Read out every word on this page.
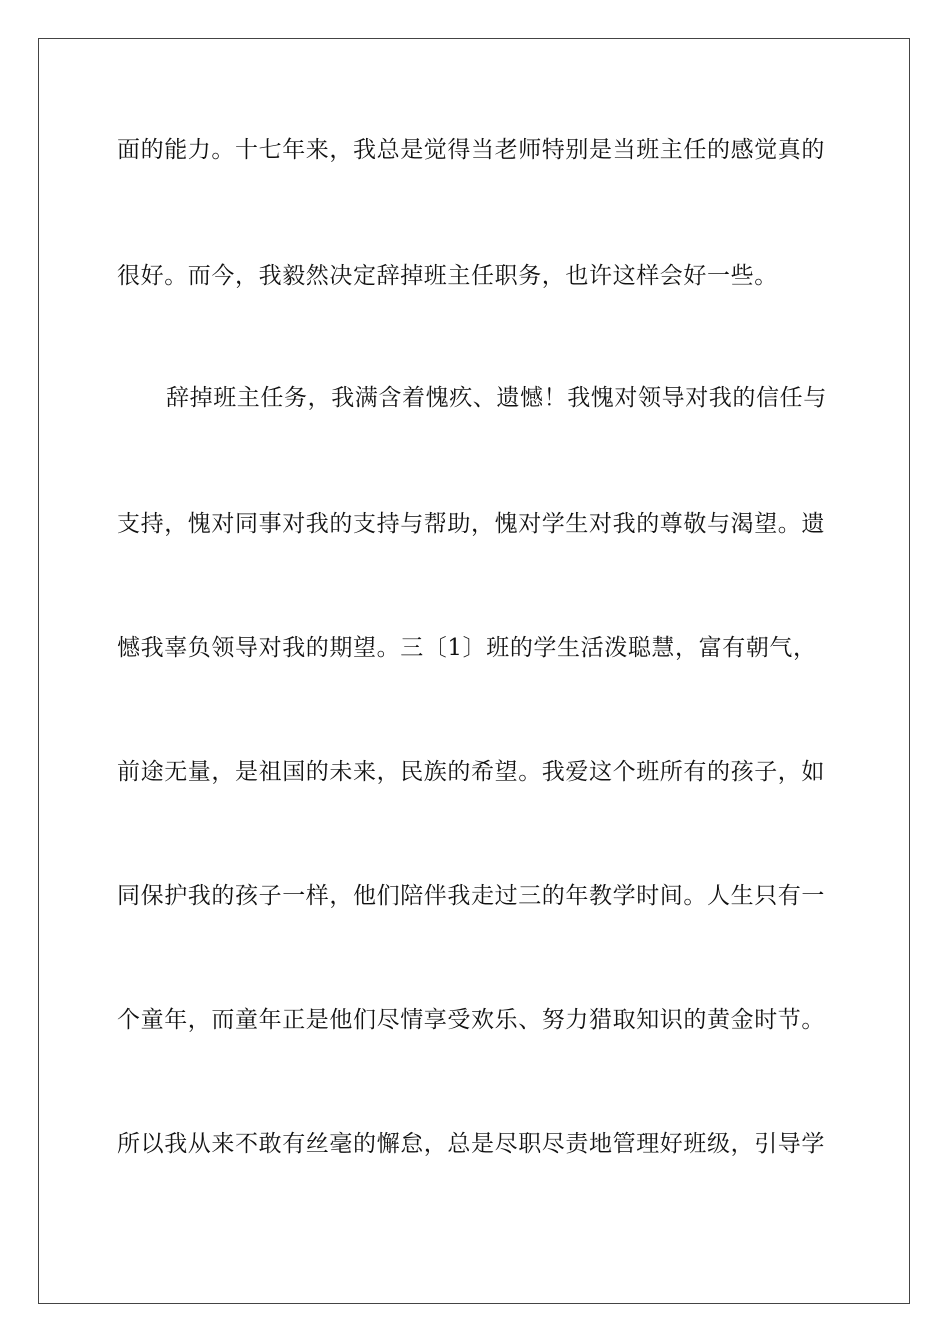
面的能力。十七年来，我总是觉得当老师特别是当班主任的感觉真的
很好。而今，我毅然决定辞掉班主任职务，也许这样会好一些。
辞掉班主任务，我满含着愧疚、遗憾！我愧对领导对我的信任与
支持，愧对同事对我的支持与帮助，愧对学生对我的尊敬与渴望。遗
憾我辜负领导对我的期望。三〔1〕班的学生活泼聪慧，富有朝气，
前途无量，是祖国的未来，民族的希望。我爱这个班所有的孩子，如
同保护我的孩子一样，他们陪伴我走过三的年教学时间。人生只有一
个童年，而童年正是他们尽情享受欢乐、努力猎取知识的黄金时节。
所以我从来不敢有丝毫的懈怠，总是尽职尽责地管理好班级，引导学
